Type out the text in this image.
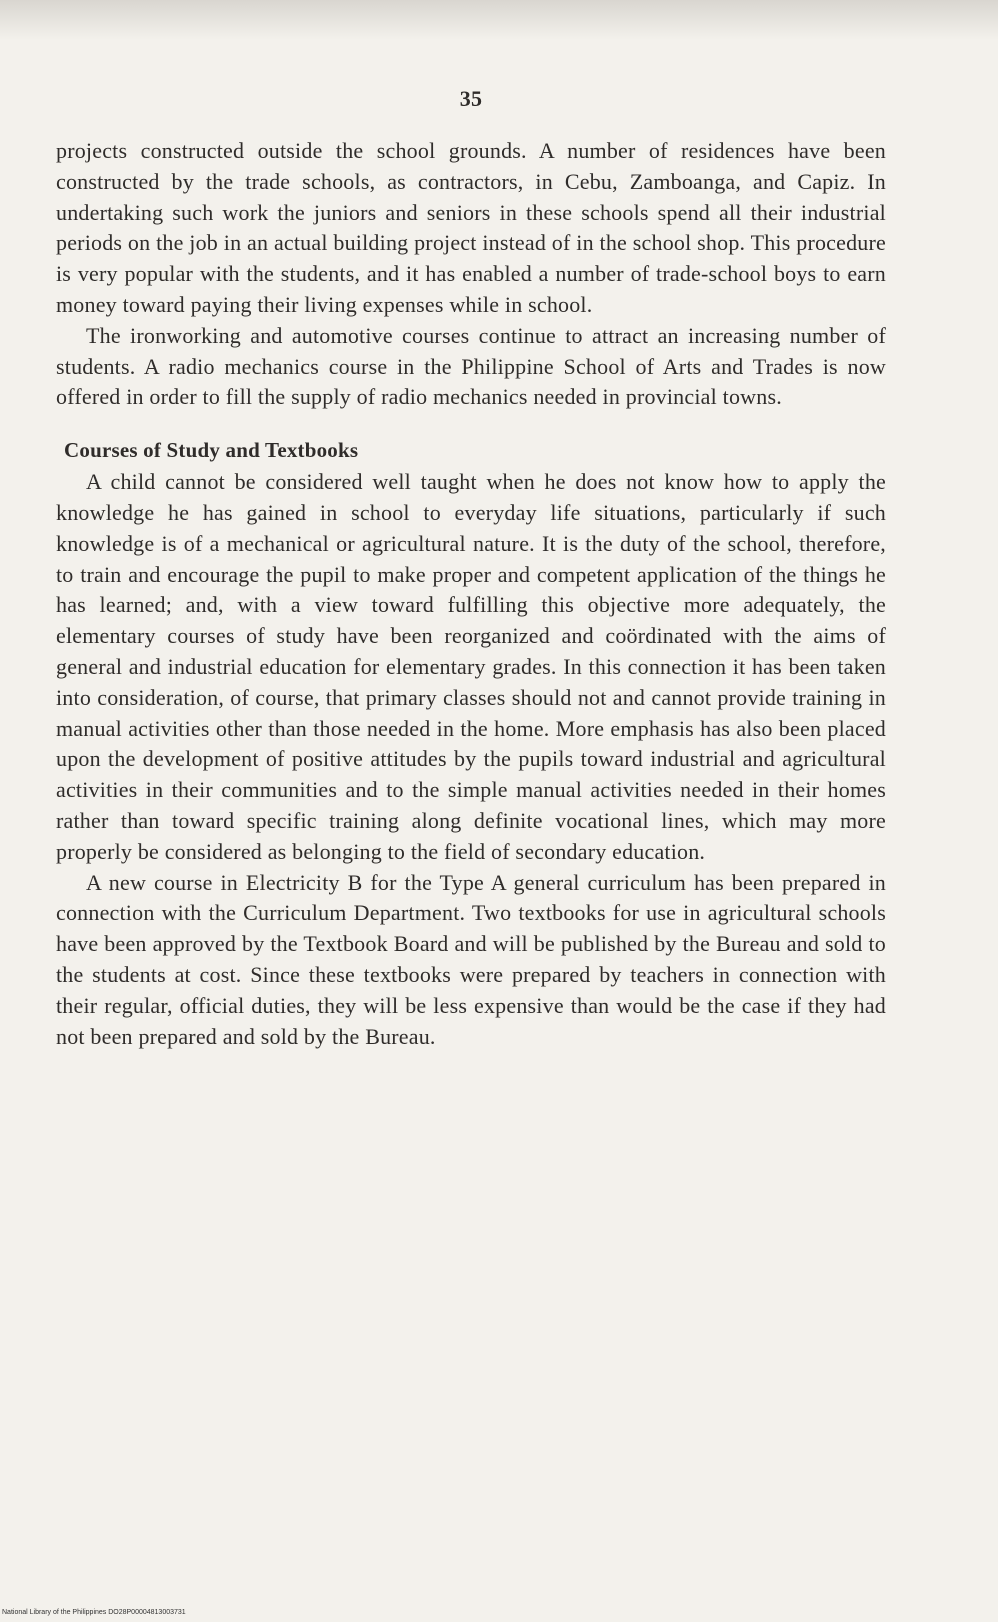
35

projects constructed outside the school grounds. A number of residences have been constructed by the trade schools, as contractors, in Cebu, Zamboanga, and Capiz. In undertaking such work the juniors and seniors in these schools spend all their industrial periods on the job in an actual building project instead of in the school shop. This procedure is very popular with the students, and it has enabled a number of trade-school boys to earn money toward paying their living expenses while in school.

The ironworking and automotive courses continue to attract an increasing number of students. A radio mechanics course in the Philippine School of Arts and Trades is now offered in order to fill the supply of radio mechanics needed in provincial towns.

Courses of Study and Textbooks

A child cannot be considered well taught when he does not know how to apply the knowledge he has gained in school to everyday life situations, particularly if such knowledge is of a mechanical or agricultural nature. It is the duty of the school, therefore, to train and encourage the pupil to make proper and competent application of the things he has learned; and, with a view toward fulfilling this objective more adequately, the elementary courses of study have been reorganized and coördinated with the aims of general and industrial education for elementary grades. In this connection it has been taken into consideration, of course, that primary classes should not and cannot provide training in manual activities other than those needed in the home. More emphasis has also been placed upon the development of positive attitudes by the pupils toward industrial and agricultural activities in their communities and to the simple manual activities needed in their homes rather than toward specific training along definite vocational lines, which may more properly be considered as belonging to the field of secondary education.

A new course in Electricity B for the Type A general curriculum has been prepared in connection with the Curriculum Department. Two textbooks for use in agricultural schools have been approved by the Textbook Board and will be published by the Bureau and sold to the students at cost. Since these textbooks were prepared by teachers in connection with their regular, official duties, they will be less expensive than would be the case if they had not been prepared and sold by the Bureau.

National Library of the Philippines DO28P00004813003731
